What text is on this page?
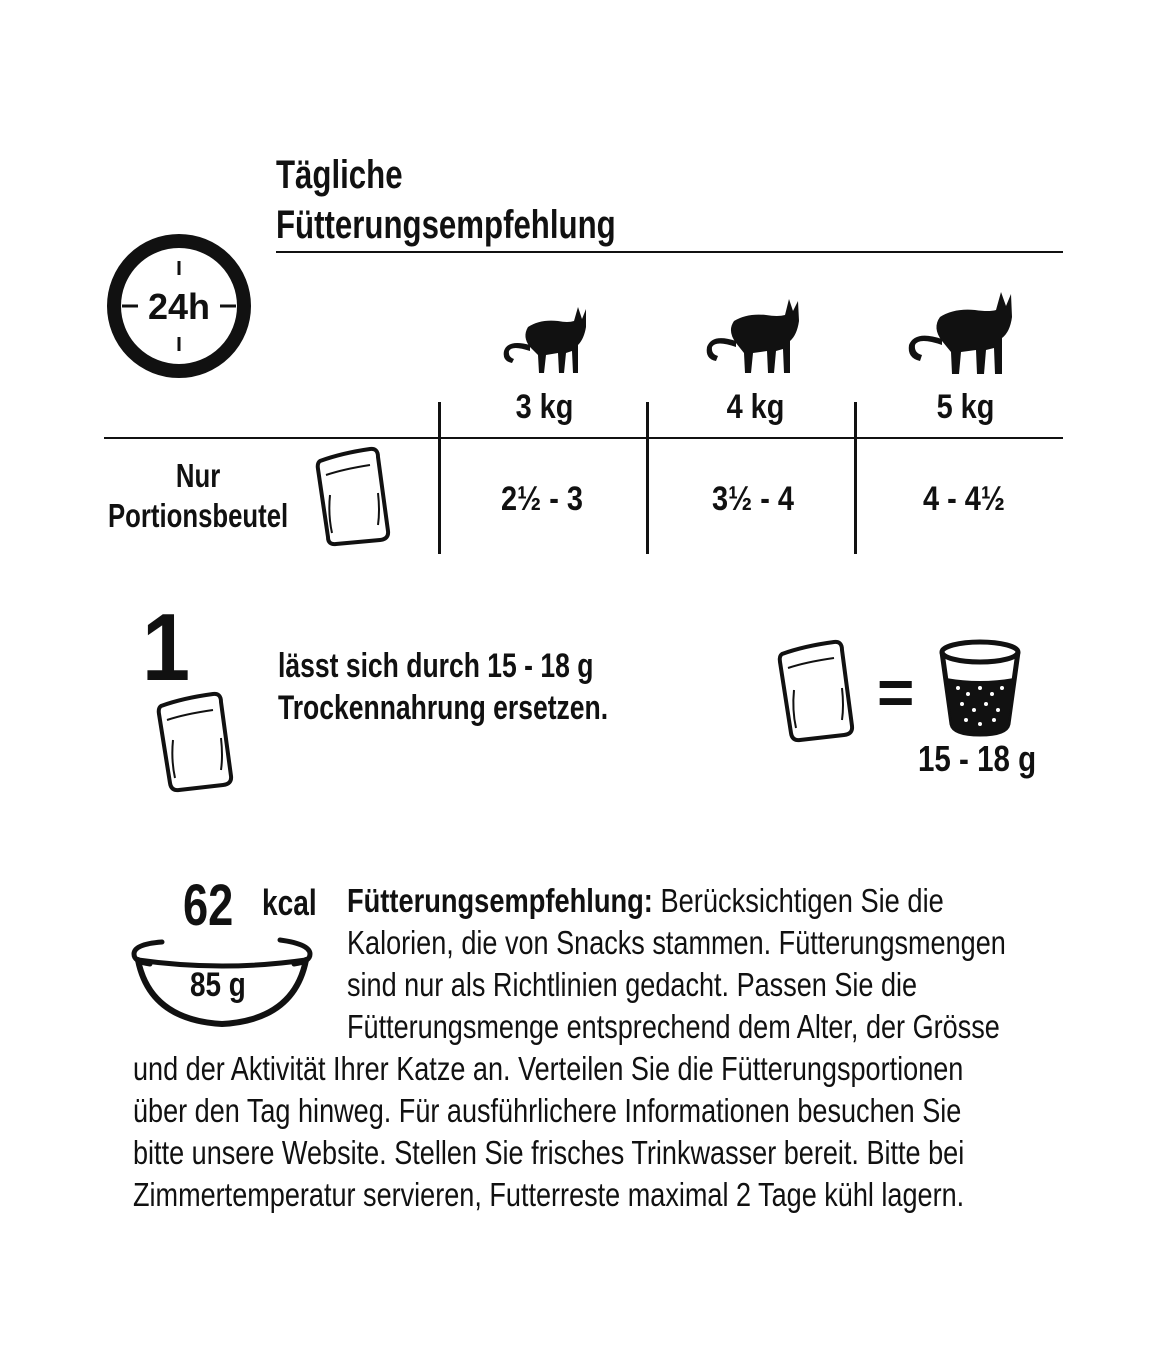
Tägliche
Fütterungsempfehlung
24h
3 kg	4 kg	5 kg
Nur
Portionsbeutel	2½ - 3	3½ - 4	4 - 4½
1	lässt sich durch 15 - 18 g
Trockennahrung ersetzen.	=
15 - 18 g
62 kcal
85 g
Fütterungsempfehlung: Berücksichtigen Sie die
Kalorien, die von Snacks stammen. Fütterungsmengen
sind nur als Richtlinien gedacht. Passen Sie die
Fütterungsmenge entsprechend dem Alter, der Grösse
und der Aktivität Ihrer Katze an. Verteilen Sie die Fütterungsportionen
über den Tag hinweg. Für ausführlichere Informationen besuchen Sie
bitte unsere Website. Stellen Sie frisches Trinkwasser bereit. Bitte bei
Zimmertemperatur servieren, Futterreste maximal 2 Tage kühl lagern.
